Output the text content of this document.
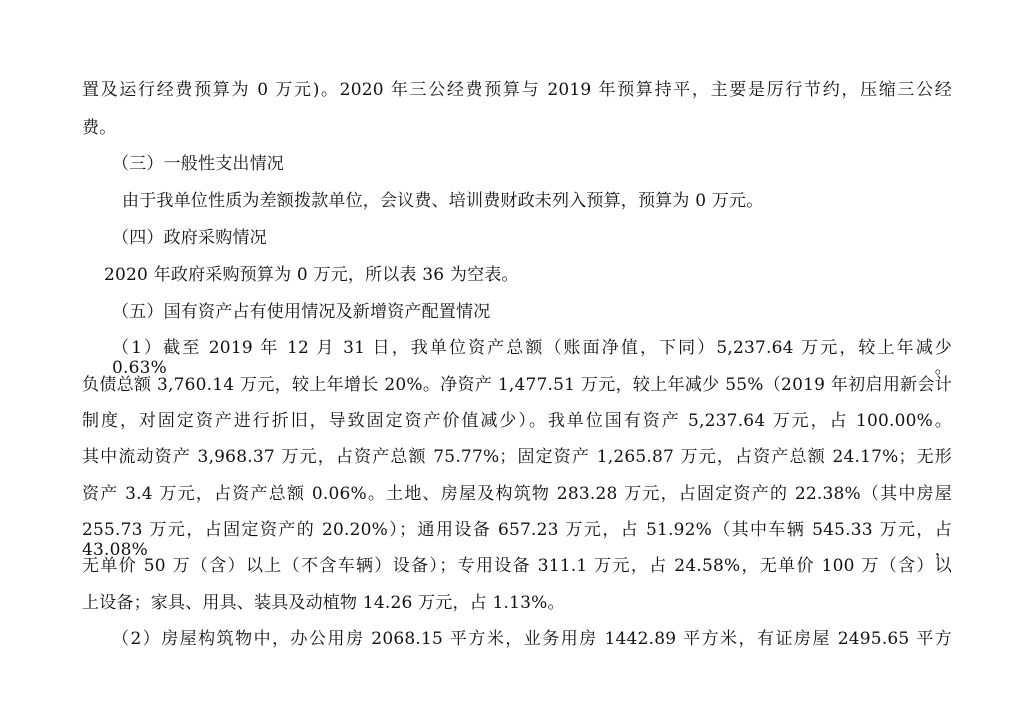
置及运行经费预算为 0 万元)。2020 年三公经费预算与 2019 年预算持平，主要是厉行节约，压缩三公经
费。
（三）一般性支出情况
由于我单位性质为差额拨款单位，会议费、培训费财政未列入预算，预算为 0 万元。
（四）政府采购情况
2020 年政府采购预算为 0 万元，所以表 36 为空表。
（五）国有资产占有使用情况及新增资产配置情况
（1）截至 2019 年 12 月 31 日，我单位资产总额（账面净值，下同）5,237.64 万元，较上年减少 0.63%。
负债总额 3,760.14 万元，较上年增长 20%。净资产 1,477.51 万元，较上年减少 55%（2019 年初启用新会计
制度，对固定资产进行折旧，导致固定资产价值减少）。我单位国有资产 5,237.64 万元，占 100.00%。
其中流动资产 3,968.37 万元，占资产总额 75.77%；固定资产 1,265.87 万元，占资产总额 24.17%；无形
资产 3.4 万元，占资产总额 0.06%。土地、房屋及构筑物 283.28 万元，占固定资产的 22.38%（其中房屋
255.73 万元，占固定资产的 20.20%）；通用设备 657.23 万元，占 51.92%（其中车辆 545.33 万元，占 43.08%，
无单价 50 万（含）以上（不含车辆）设备）；专用设备 311.1 万元，占 24.58%，无单价 100 万（含）以
上设备；家具、用具、装具及动植物 14.26 万元，占 1.13%。
（2）房屋构筑物中，办公用房 2068.15 平方米，业务用房 1442.89 平方米，有证房屋 2495.65 平方
